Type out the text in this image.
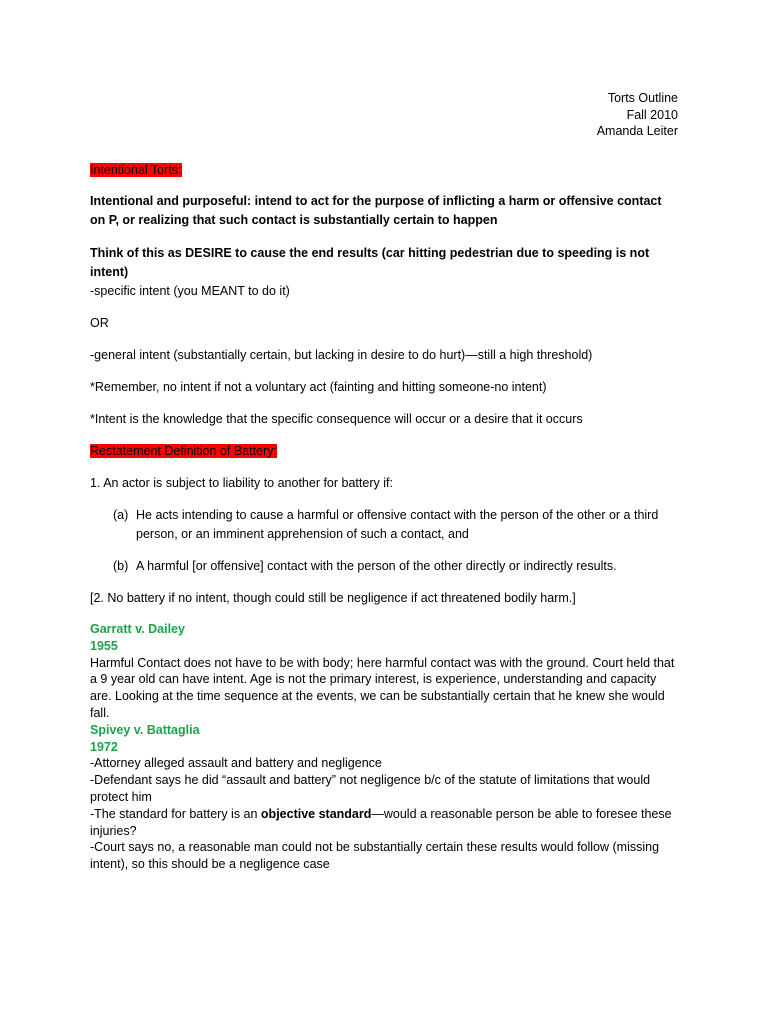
Torts Outline
Fall 2010
Amanda Leiter
Intentional Torts:

Intentional and purposeful: intend to act for the purpose of inflicting a harm or offensive contact on P, or realizing that such contact is substantially certain to happen

Think of this as DESIRE to cause the end results (car hitting pedestrian due to speeding is not intent)

-specific intent (you MEANT to do it)

OR

-general intent (substantially certain, but lacking in desire to do hurt)—still a high threshold)

*Remember, no intent if not a voluntary act (fainting and hitting someone-no intent)

*Intent is the knowledge that the specific consequence will occur or a desire that it occurs

Restatement Definition of Battery:

1. An actor is subject to liability to another for battery if:

(a) He acts intending to cause a harmful or offensive contact with the person of the other or a third person, or an imminent apprehension of such a contact, and
(b) A harmful [or offensive] contact with the person of the other directly or indirectly results.

[2. No battery if no intent, though could still be negligence if act threatened bodily harm.]

Garratt v. Dailey
1955

Harmful Contact does not have to be with body; here harmful contact was with the ground. Court held that a 9 year old can have intent. Age is not the primary interest, is experience, understanding and capacity are. Looking at the time sequence at the events, we can be substantially certain that he knew she would fall.

Spivey v. Battaglia
1972

-Attorney alleged assault and battery and negligence

-Defendant says he did “assault and battery” not negligence b/c of the statute of limitations that would protect him

-The standard for battery is an objective standard—would a reasonable person be able to foresee these injuries?

-Court says no, a reasonable man could not be substantially certain these results would follow (missing intent), so this should be a negligence case
